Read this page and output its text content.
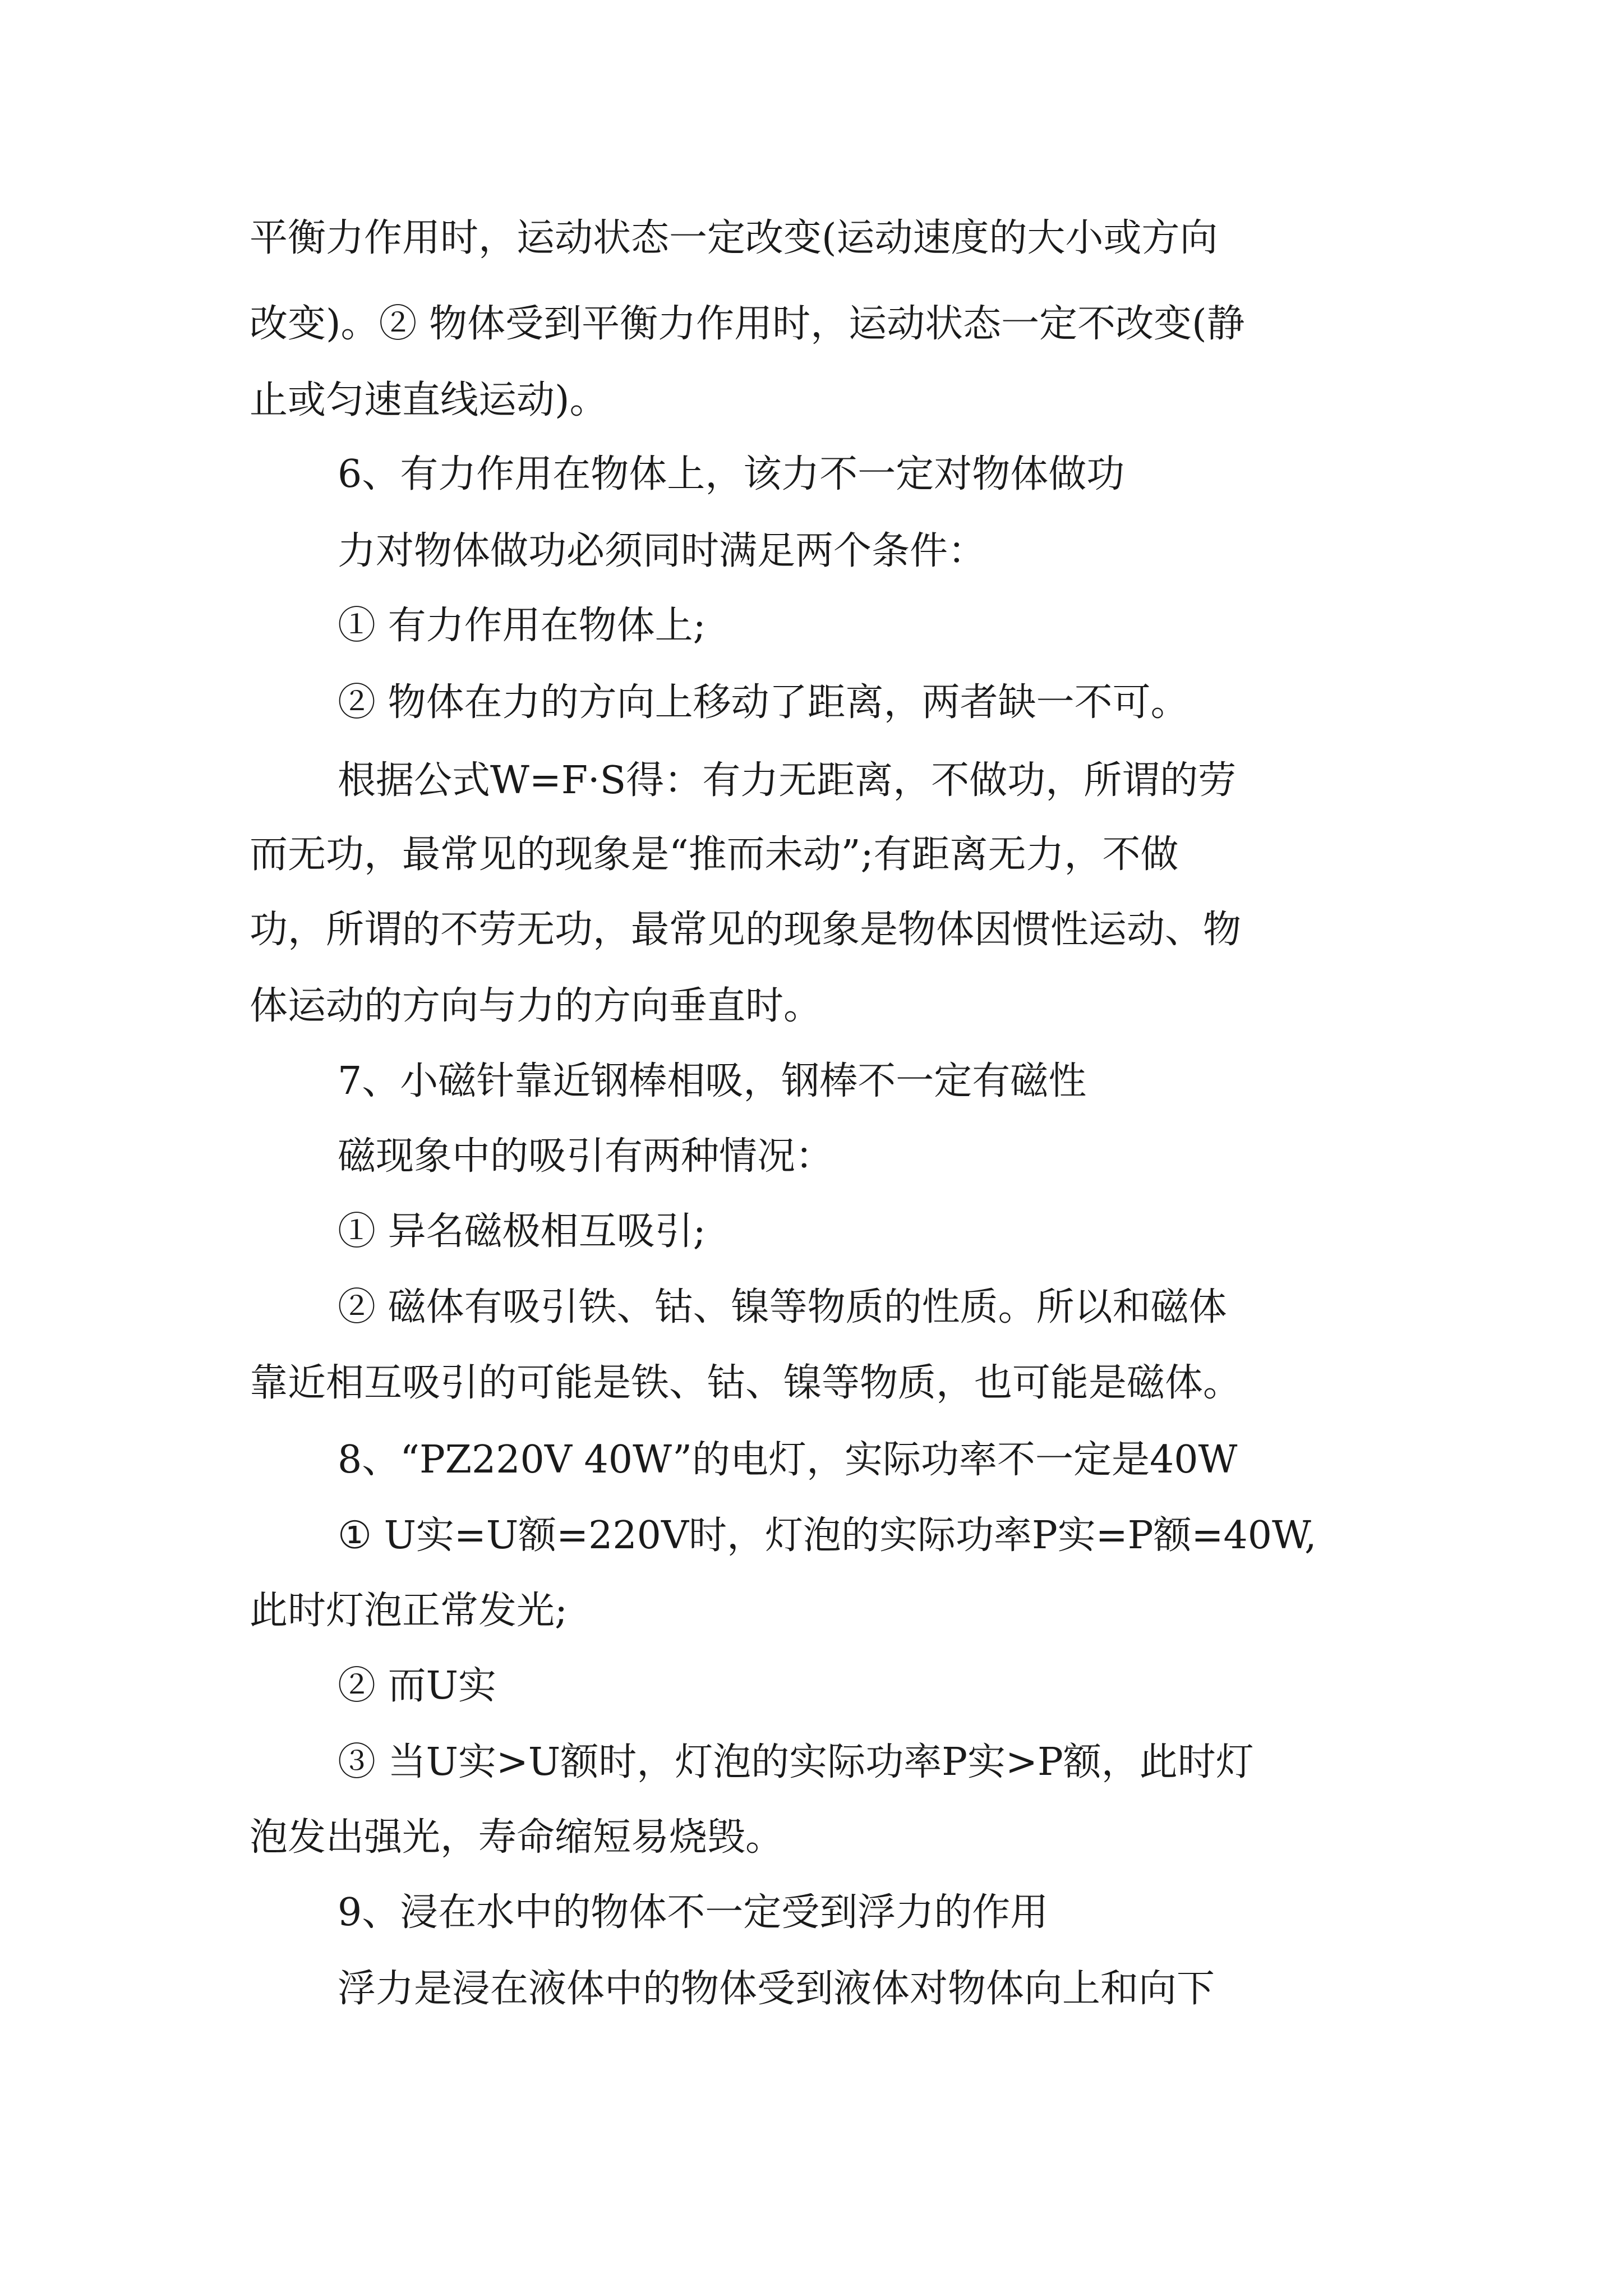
平衡力作用时，运动状态一定改变(运动速度的大小或方向

改变)。② 物体受到平衡力作用时，运动状态一定不改变(静

止或匀速直线运动)。

6、有力作用在物体上，该力不一定对物体做功

力对物体做功必须同时满足两个条件：

① 有力作用在物体上;

② 物体在力的方向上移动了距离，两者缺一不可。

根据公式W=F·S得：有力无距离，不做功，所谓的劳

而无功，最常见的现象是“推而未动”;有距离无力，不做

功，所谓的不劳无功，最常见的现象是物体因惯性运动、物

体运动的方向与力的方向垂直时。

7、小磁针靠近钢棒相吸，钢棒不一定有磁性

磁现象中的吸引有两种情况：

① 异名磁极相互吸引;

② 磁体有吸引铁、钴、镍等物质的性质。所以和磁体

靠近相互吸引的可能是铁、钴、镍等物质，也可能是磁体。

8、“PZ220V 40W”的电灯，实际功率不一定是40W

① U实=U额=220V时，灯泡的实际功率P实=P额=40W,

此时灯泡正常发光;

② 而U实

③ 当U实>U额时，灯泡的实际功率P实>P额，此时灯

泡发出强光，寿命缩短易烧毁。

9、浸在水中的物体不一定受到浮力的作用

浮力是浸在液体中的物体受到液体对物体向上和向下
